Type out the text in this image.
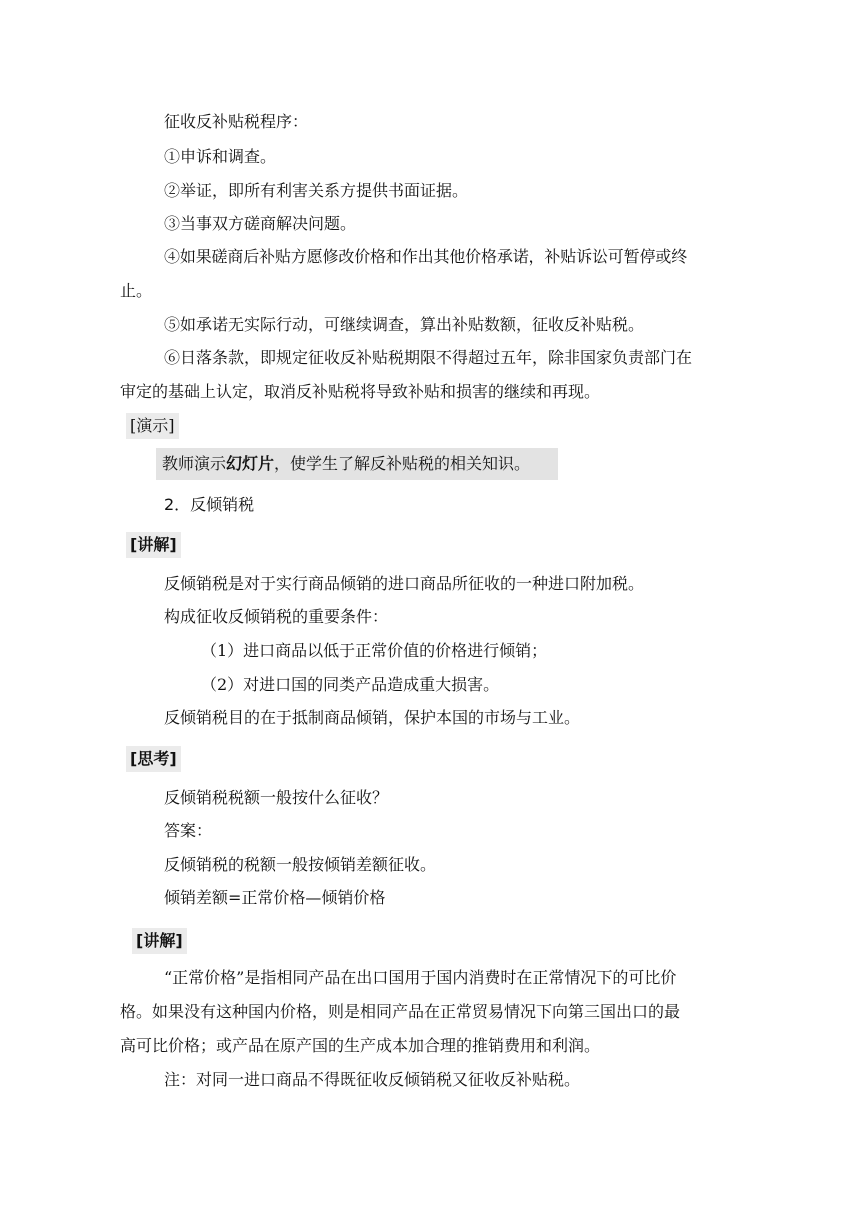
征收反补贴税程序：
①申诉和调查。
②举证，即所有利害关系方提供书面证据。
③当事双方磋商解决问题。
④如果磋商后补贴方愿修改价格和作出其他价格承诺，补贴诉讼可暂停或终
止。
⑤如承诺无实际行动，可继续调查，算出补贴数额，征收反补贴税。
⑥日落条款，即规定征收反补贴税期限不得超过五年，除非国家负责部门在
审定的基础上认定，取消反补贴税将导致补贴和损害的继续和再现。
[演示]
教师演示幻灯片，使学生了解反补贴税的相关知识。
2．反倾销税
[讲解]
反倾销税是对于实行商品倾销的进口商品所征收的一种进口附加税。
构成征收反倾销税的重要条件：
（1）进口商品以低于正常价值的价格进行倾销；
（2）对进口国的同类产品造成重大损害。
反倾销税目的在于抵制商品倾销，保护本国的市场与工业。
[思考]
反倾销税税额一般按什么征收？
答案：
反倾销税的税额一般按倾销差额征收。
倾销差额=正常价格—倾销价格
[讲解]
“正常价格”是指相同产品在出口国用于国内消费时在正常情况下的可比价
格。如果没有这种国内价格，则是相同产品在正常贸易情况下向第三国出口的最
高可比价格；或产品在原产国的生产成本加合理的推销费用和利润。
注：对同一进口商品不得既征收反倾销税又征收反补贴税。
